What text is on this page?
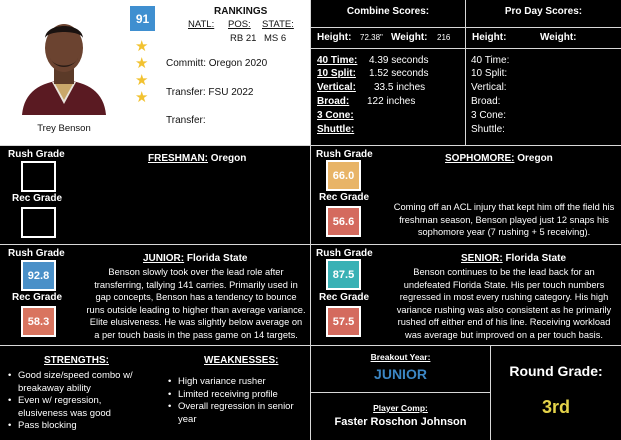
Trey Benson
91
★
★
★
★
RANKINGS
NATL: POS: STATE:
RB 21 MS 6
Committ: Oregon 2020
Transfer: FSU 2022
Transfer:
Combine Scores:
Height: 72.38" Weight: 216
40 Time: 4.39 seconds
10 Split: 1.52 seconds
Vertical: 33.5 inches
Broad: 122 inches
3 Cone:
Shuttle:
Pro Day Scores:
Height:	Weight:
40 Time:
10 Split:
Vertical:
Broad:
3 Cone:
Shuttle:
Rush Grade
Rec Grade
FRESHMAN: Oregon	Rush Grade
66.0
Rec Grade
56.6
SOPHOMORE: Oregon
Coming off an ACL injury that kept him off the field his freshman season, Benson played just 12 snaps his sophomore year (7 rushing + 5 receiving).
Rush Grade
92.8
Rec Grade
58.3
JUNIOR: Florida State
Benson slowly took over the lead role after transferring, tallying 141 carries. Primarily used in gap concepts, Benson has a tendency to bounce runs outside leading to higher than average variance. Elite elusiveness. He was slightly below average on a per touch basis in the pass game on 14 targets.
Rush Grade
87.5
Rec Grade
57.5
SENIOR: Florida State
Benson continues to be the lead back for an undefeated Florida State. His per touch numbers regressed in most every rushing category. His high variance rushing was also consistent as he primarily rushed off either end of his line. Receiving workload was average but improved on a per touch basis.
STRENGTHS:
• Good size/speed combo w/ breakaway ability
• Even w/ regression, elusiveness was good
• Pass blocking
WEAKNESSES:
• High variance rusher
• Limited receiving profile
• Overall regression in senior year
Breakout Year:
JUNIOR
Player Comp:
Faster Roschon Johnson
Round Grade:
3rd
